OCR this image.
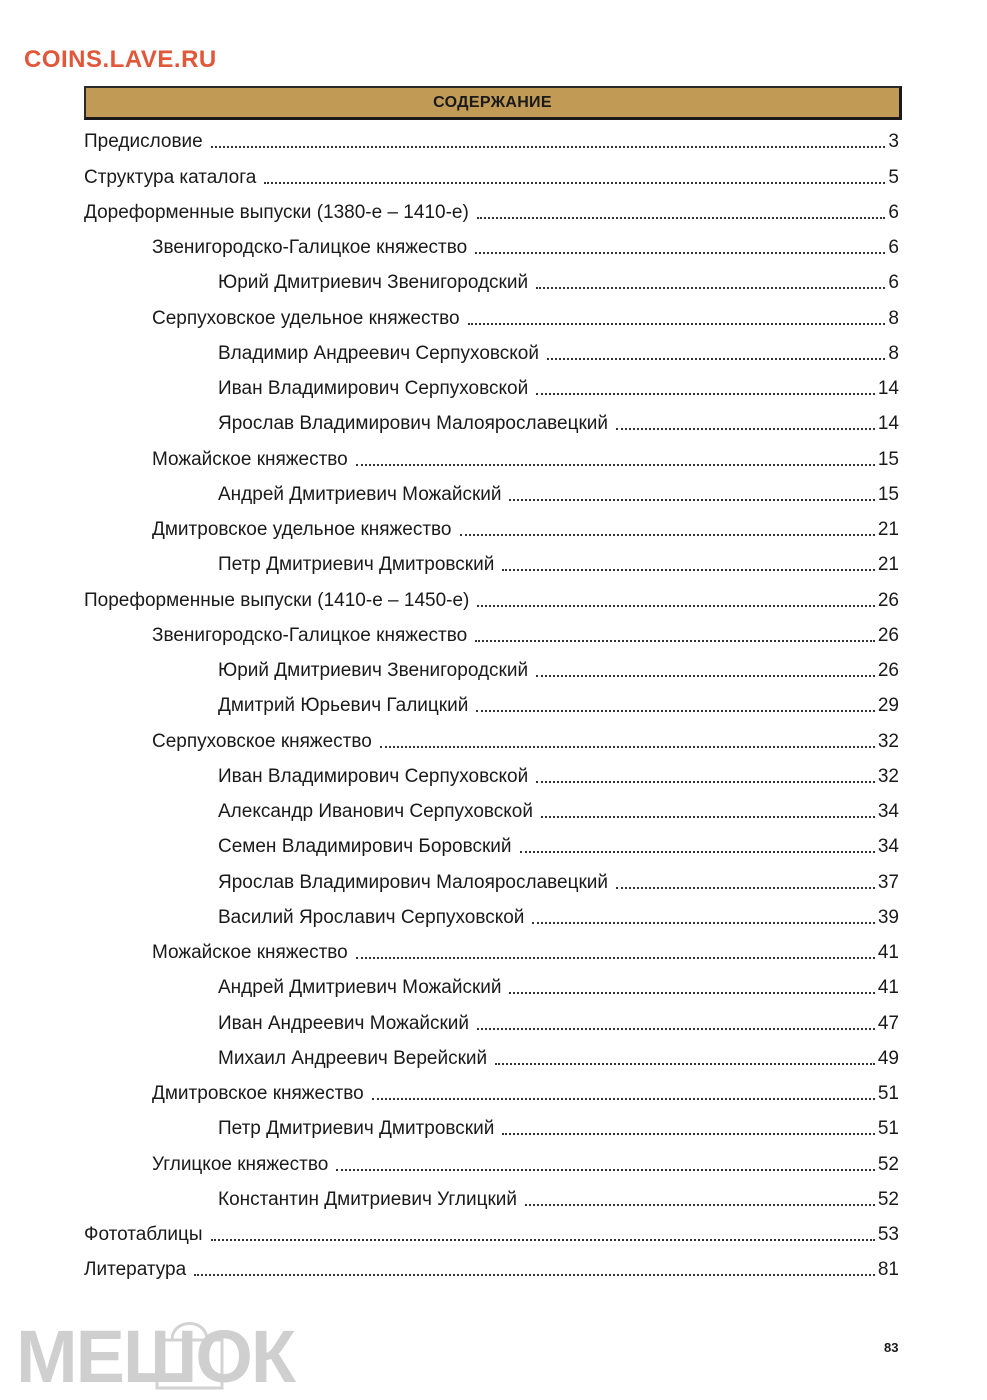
COINS.LAVE.RU
СОДЕРЖАНИЕ
Предисловие	3
Структура каталога	5
Дореформенные выпуски (1380-е – 1410-е)	6
Звенигородско-Галицкое княжество	6
Юрий Дмитриевич Звенигородский	6
Серпуховское удельное княжество	8
Владимир Андреевич Серпуховской	8
Иван Владимирович Серпуховской	14
Ярослав Владимирович Малоярославецкий	14
Можайское княжество	15
Андрей Дмитриевич Можайский	15
Дмитровское удельное княжество	21
Петр Дмитриевич Дмитровский	21
Пореформенные выпуски (1410-е – 1450-е)	26
Звенигородско-Галицкое княжество	26
Юрий Дмитриевич Звенигородский	26
Дмитрий Юрьевич Галицкий	29
Серпуховское княжество	32
Иван Владимирович Серпуховской	32
Александр Иванович Серпуховской	34
Семен Владимирович Боровский	34
Ярослав Владимирович Малоярославецкий	37
Василий Ярославич Серпуховской	39
Можайское княжество	41
Андрей Дмитриевич Можайский	41
Иван Андреевич Можайский	47
Михаил Андреевич Верейский	49
Дмитровское княжество	51
Петр Дмитриевич Дмитровский	51
Углицкое княжество	52
Константин Дмитриевич Углицкий	52
Фототаблицы	53
Литература	81
МЕШОК	83
